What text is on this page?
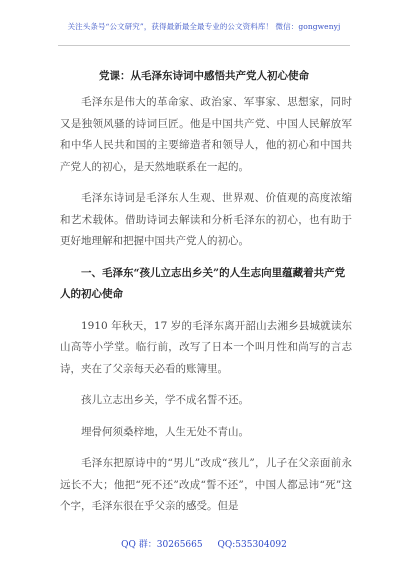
关注头条号“公文研究”，获得最新最全最专业的公文资料库！ 微信：gongwenyj
党课：从毛泽东诗词中感悟共产党人初心使命

毛泽东是伟大的革命家、政治家、军事家、思想家，同时又是独领风骚的诗词巨匠。他是中国共产党、中国人民解放军和中华人民共和国的主要缔造者和领导人，他的初心和中国共产党人的初心，是天然地联系在一起的。

毛泽东诗词是毛泽东人生观、世界观、价值观的高度浓缩和艺术载体。借助诗词去解读和分析毛泽东的初心，也有助于更好地理解和把握中国共产党人的初心。

一、毛泽东“孩儿立志出乡关”的人生志向里蕴藏着共产党人的初心使命

1910 年秋天，17 岁的毛泽东离开韶山去湘乡县城就读东山高等小学堂。临行前，改写了日本一个叫月性和尚写的言志诗，夹在了父亲每天必看的账簿里。

孩儿立志出乡关，学不成名誓不还。

埋骨何须桑梓地，人生无处不青山。

毛泽东把原诗中的“男儿”改成“孩儿”，儿子在父亲面前永远长不大；他把“死不还”改成“誓不还”，中国人都忌讳“死”这个字，毛泽东很在乎父亲的感受。但是

QQ 群：30265665 QQ:535304092
